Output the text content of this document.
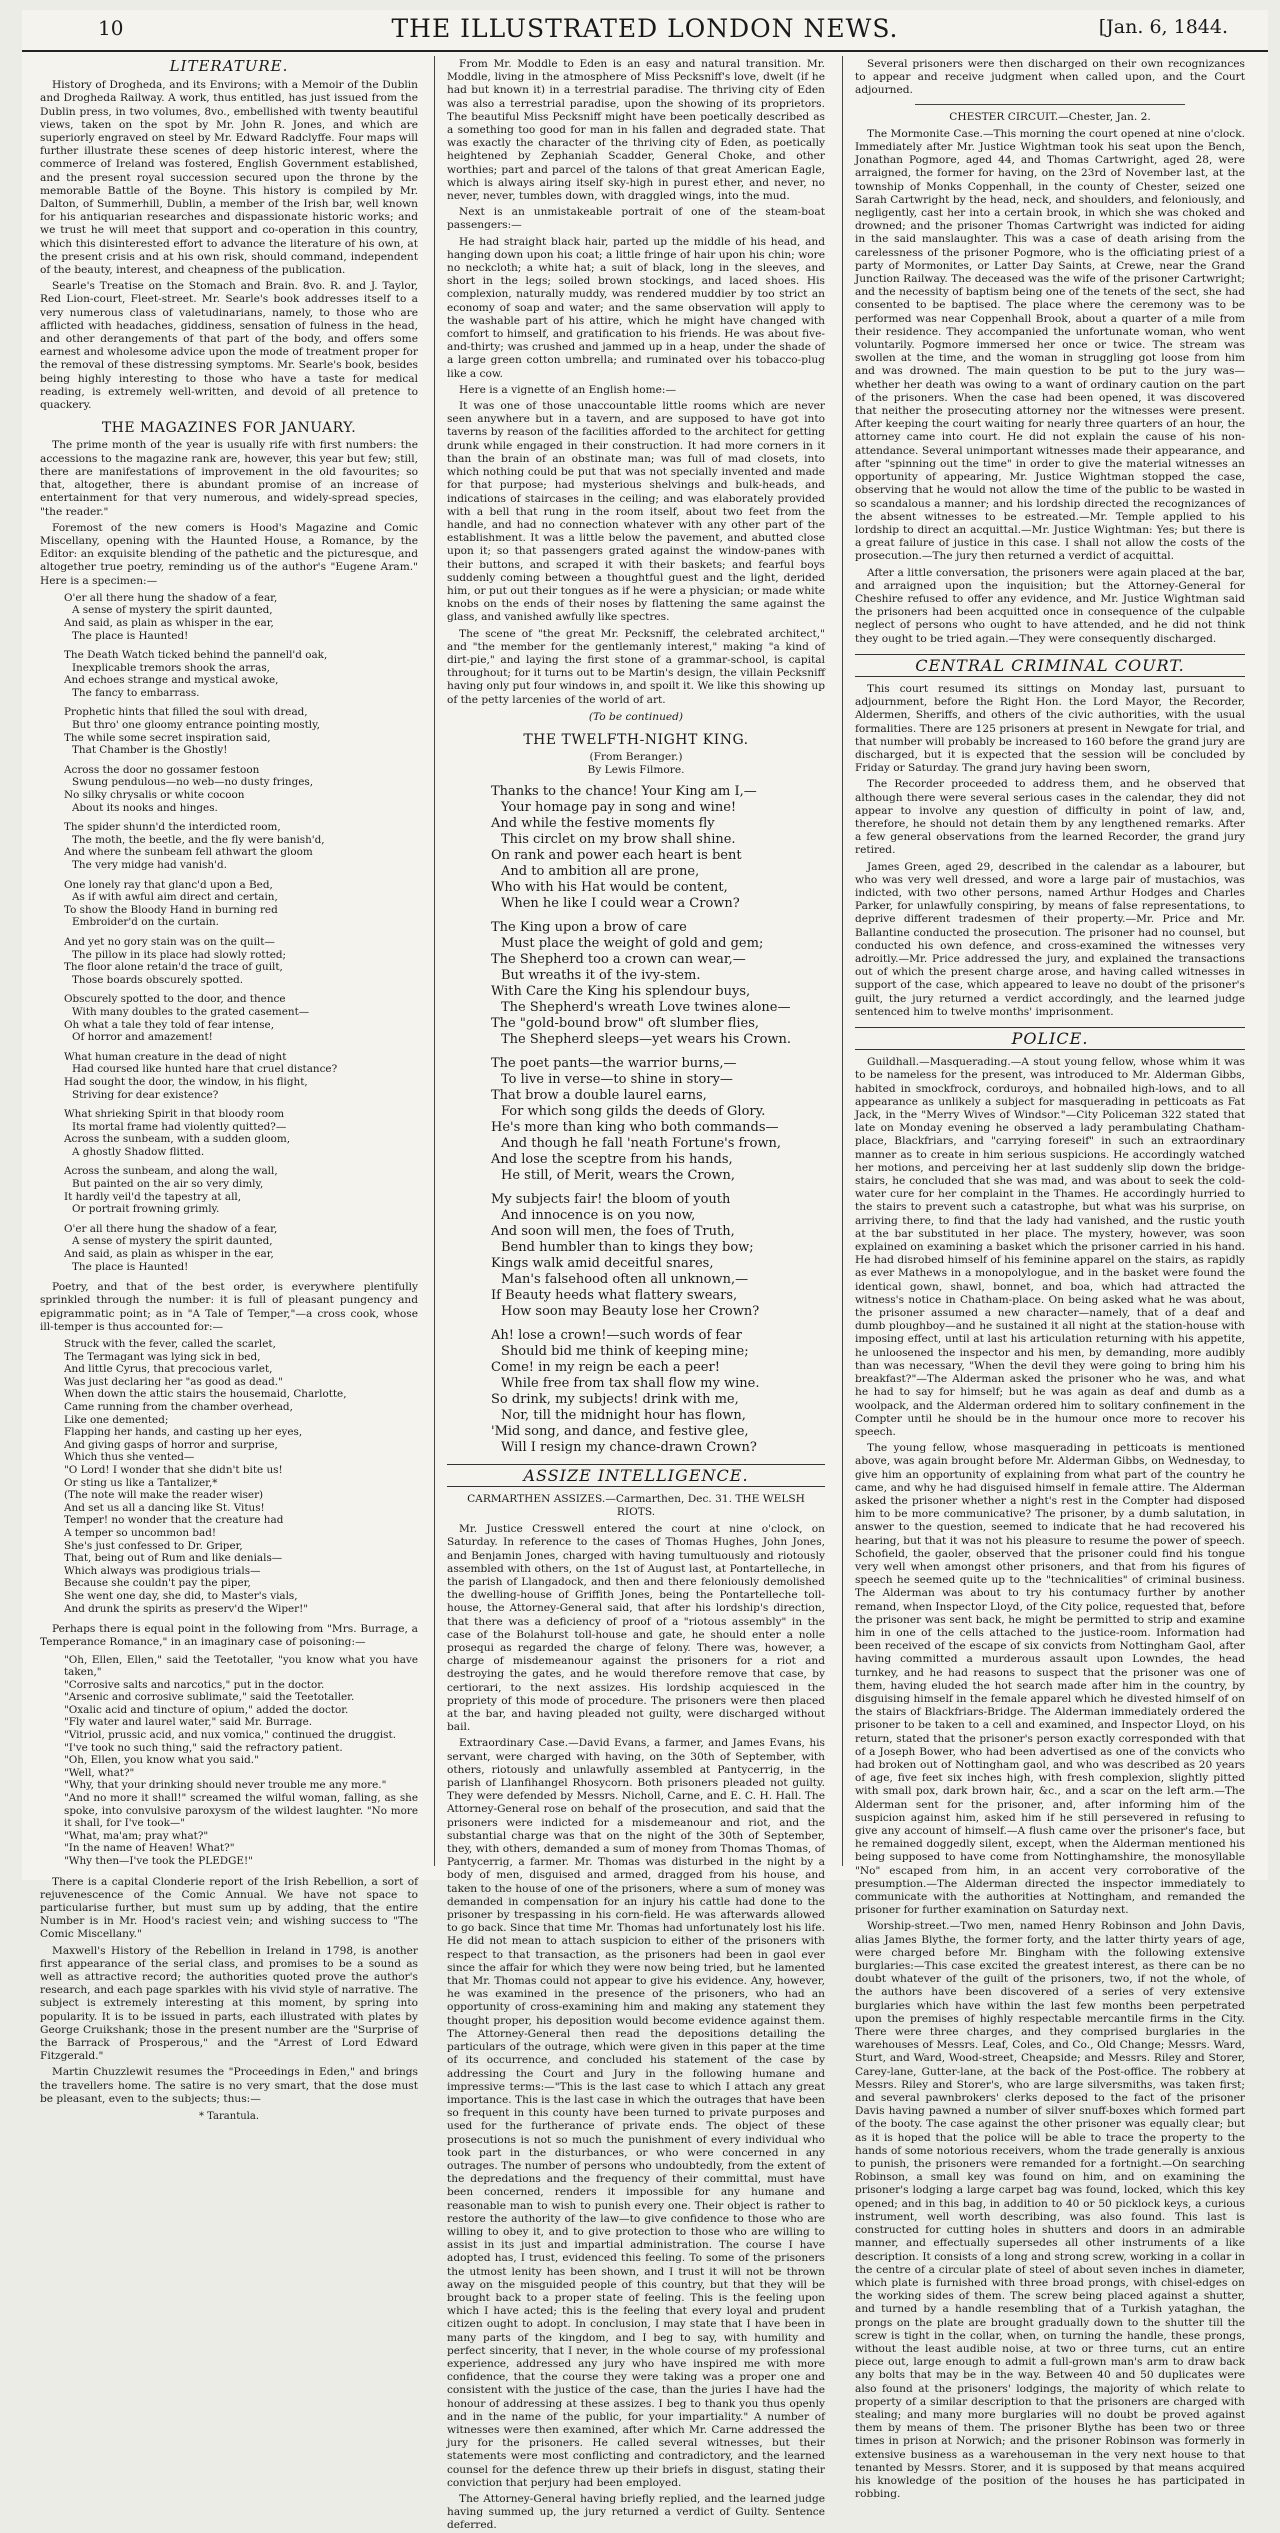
10	THE ILLUSTRATED LONDON NEWS.	[Jan. 6, 1844.
LITERATURE.

History of Drogheda, and its Environs; with a Memoir of the Dublin and Drogheda Railway. A work, thus entitled, has just issued from the Dublin press, in two volumes, 8vo., embellished with twenty beautiful views, taken on the spot by Mr. John R. Jones, and which are superiorly engraved on steel by Mr. Edward Radclyffe. Four maps will further illustrate these scenes of deep historic interest, where the commerce of Ireland was fostered, English Government established, and the present royal succession secured upon the throne by the memorable Battle of the Boyne. This history is compiled by Mr. Dalton, of Summerhill, Dublin, a member of the Irish bar, well known for his antiquarian researches and dispassionate historic works; and we trust he will meet that support and co-operation in this country, which this disinterested effort to advance the literature of his own, at the present crisis and at his own risk, should command, independent of the beauty, interest, and cheapness of the publication.

Searle's Treatise on the Stomach and Brain. 8vo. R. and J. Taylor, Red Lion-court, Fleet-street. Mr. Searle's book addresses itself to a very numerous class of valetudinarians, namely, to those who are afflicted with headaches, giddiness, sensation of fulness in the head, and other derangements of that part of the body, and offers some earnest and wholesome advice upon the mode of treatment proper for the removal of these distressing symptoms. Mr. Searle's book, besides being highly interesting to those who have a taste for medical reading, is extremely well-written, and devoid of all pretence to quackery.

THE MAGAZINES FOR JANUARY.

The prime month of the year is usually rife with first numbers: the accessions to the magazine rank are, however, this year but few; still, there are manifestations of improvement in the old favourites; so that, altogether, there is abundant promise of an increase of entertainment for that very numerous, and widely-spread species, "the reader."

Foremost of the new comers is Hood's Magazine and Comic Miscellany, opening with the Haunted House, a Romance, by the Editor: an exquisite blending of the pathetic and the picturesque, and altogether true poetry, reminding us of the author's "Eugene Aram." Here is a specimen:—

O'er all there hung the shadow of a fear,
A sense of mystery the spirit daunted,
And said, as plain as whisper in the ear,
The place is Haunted!
The Death Watch ticked behind the pannell'd oak,
Inexplicable tremors shook the arras,
And echoes strange and mystical awoke,
The fancy to embarrass.
Prophetic hints that filled the soul with dread,
But thro' one gloomy entrance pointing mostly,
The while some secret inspiration said,
That Chamber is the Ghostly!
Across the door no gossamer festoon
Swung pendulous—no web—no dusty fringes,
No silky chrysalis or white cocoon
About its nooks and hinges.
The spider shunn'd the interdicted room,
The moth, the beetle, and the fly were banish'd,
And where the sunbeam fell athwart the gloom
The very midge had vanish'd.
One lonely ray that glanc'd upon a Bed,
As if with awful aim direct and certain,
To show the Bloody Hand in burning red
Embroider'd on the curtain.
And yet no gory stain was on the quilt—
The pillow in its place had slowly rotted;
The floor alone retain'd the trace of guilt,
Those boards obscurely spotted.
Obscurely spotted to the door, and thence
With many doubles to the grated casement—
Oh what a tale they told of fear intense,
Of horror and amazement!
What human creature in the dead of night
Had coursed like hunted hare that cruel distance?
Had sought the door, the window, in his flight,
Striving for dear existence?
What shrieking Spirit in that bloody room
Its mortal frame had violently quitted?—
Across the sunbeam, with a sudden gloom,
A ghostly Shadow flitted.
Across the sunbeam, and along the wall,
But painted on the air so very dimly,
It hardly veil'd the tapestry at all,
Or portrait frowning grimly.
O'er all there hung the shadow of a fear,
A sense of mystery the spirit daunted,
And said, as plain as whisper in the ear,
The place is Haunted!

Poetry, and that of the best order, is everywhere plentifully sprinkled through the number: it is full of pleasant pungency and epigrammatic point; as in "A Tale of Temper,"—a cross cook, whose ill-temper is thus accounted for:—

Struck with the fever, called the scarlet,
The Termagant was lying sick in bed,
And little Cyrus, that precocious varlet,
Was just declaring her "as good as dead."
When down the attic stairs the housemaid, Charlotte,
Came running from the chamber overhead,
Like one demented;
Flapping her hands, and casting up her eyes,
And giving gasps of horror and surprise,
Which thus she vented—
"O Lord! I wonder that she didn't bite us!
Or sting us like a Tantalizer,*
(The note will make the reader wiser)
And set us all a dancing like St. Vitus!
Temper! no wonder that the creature had
A temper so uncommon bad!
She's just confessed to Dr. Griper,
That, being out of Rum and like denials—
Which always was prodigious trials—
Because she couldn't pay the piper,
She went one day, she did, to Master's vials,
And drunk the spirits as preserv'd the Wiper!"

Perhaps there is equal point in the following from "Mrs. Burrage, a Temperance Romance," in an imaginary case of poisoning:—

"Oh, Ellen, Ellen," said the Teetotaller, "you know what you have taken,"
"Corrosive salts and narcotics," put in the doctor.
"Arsenic and corrosive sublimate," said the Teetotaller.
"Oxalic acid and tincture of opium," added the doctor.
"Fly water and laurel water," said Mr. Burrage.
"Vitriol, prussic acid, and nux vomica," continued the druggist.
"I've took no such thing," said the refractory patient.
"Oh, Ellen, you know what you said."
"Well, what?"
"Why, that your drinking should never trouble me any more."
"And no more it shall!" screamed the wilful woman, falling, as she spoke, into convulsive paroxysm of the wildest laughter. "No more it shall, for I've took—"
"What, ma'am; pray what?"
"In the name of Heaven! What?"
"Why then—I've took the PLEDGE!"

There is a capital Clonderie report of the Irish Rebellion, a sort of rejuvenescence of the Comic Annual. We have not space to particularise further, but must sum up by adding, that the entire Number is in Mr. Hood's raciest vein; and wishing success to "The Comic Miscellany."

Maxwell's History of the Rebellion in Ireland in 1798, is another first appearance of the serial class, and promises to be a sound as well as attractive record; the authorities quoted prove the author's research, and each page sparkles with his vivid style of narrative. The subject is extremely interesting at this moment, by spring into popularity. It is to be issued in parts, each illustrated with plates by George Cruikshank; those in the present number are the "Surprise of the Barrack of Prosperous," and the "Arrest of Lord Edward Fitzgerald."

Martin Chuzzlewit resumes the "Proceedings in Eden," and brings the travellers home. The satire is no very smart, that the dose must be pleasant, even to the subjects; thus:—

* Tarantula.

From Mr. Moddle to Eden is an easy and natural transition. Mr. Moddle, living in the atmosphere of Miss Pecksniff's love, dwelt (if he had but known it) in a terrestrial paradise. The thriving city of Eden was also a terrestrial paradise, upon the showing of its proprietors. The beautiful Miss Pecksniff might have been poetically described as a something too good for man in his fallen and degraded state. That was exactly the character of the thriving city of Eden, as poetically heightened by Zephaniah Scadder, General Choke, and other worthies; part and parcel of the talons of that great American Eagle, which is always airing itself sky-high in purest ether, and never, no never, never, tumbles down, with draggled wings, into the mud.

Next is an unmistakeable portrait of one of the steam-boat passengers:—

He had straight black hair, parted up the middle of his head, and hanging down upon his coat; a little fringe of hair upon his chin; wore no neckcloth; a white hat; a suit of black, long in the sleeves, and short in the legs; soiled brown stockings, and laced shoes. His complexion, naturally muddy, was rendered muddier by too strict an economy of soap and water; and the same observation will apply to the washable part of his attire, which he might have changed with comfort to himself, and gratification to his friends. He was about five-and-thirty; was crushed and jammed up in a heap, under the shade of a large green cotton umbrella; and ruminated over his tobacco-plug like a cow.

Here is a vignette of an English home:—

It was one of those unaccountable little rooms which are never seen anywhere but in a tavern, and are supposed to have got into taverns by reason of the facilities afforded to the architect for getting drunk while engaged in their construction. It had more corners in it than the brain of an obstinate man; was full of mad closets, into which nothing could be put that was not specially invented and made for that purpose; had mysterious shelvings and bulk-heads, and indications of staircases in the ceiling; and was elaborately provided with a bell that rung in the room itself, about two feet from the handle, and had no connection whatever with any other part of the establishment. It was a little below the pavement, and abutted close upon it; so that passengers grated against the window-panes with their buttons, and scraped it with their baskets; and fearful boys suddenly coming between a thoughtful guest and the light, derided him, or put out their tongues as if he were a physician; or made white knobs on the ends of their noses by flattening the same against the glass, and vanished awfully like spectres.

The scene of "the great Mr. Pecksniff, the celebrated architect," and "the member for the gentlemanly interest," making "a kind of dirt-pie," and laying the first stone of a grammar-school, is capital throughout; for it turns out to be Martin's design, the villain Pecksniff having only put four windows in, and spoilt it. We like this showing up of the petty larcenies of the world of art.

(To be continued)
THE TWELFTH-NIGHT KING.
(From Beranger.)
By Lewis Filmore.
Thanks to the chance! Your King am I,—
Your homage pay in song and wine!
And while the festive moments fly
This circlet on my brow shall shine.
On rank and power each heart is bent
And to ambition all are prone,
Who with his Hat would be content,
When he like I could wear a Crown?
The King upon a brow of care
Must place the weight of gold and gem;
The Shepherd too a crown can wear,—
But wreaths it of the ivy-stem.
With Care the King his splendour buys,
The Shepherd's wreath Love twines alone—
The "gold-bound brow" oft slumber flies,
The Shepherd sleeps—yet wears his Crown.
The poet pants—the warrior burns,—
To live in verse—to shine in story—
That brow a double laurel earns,
For which song gilds the deeds of Glory.
He's more than king who both commands—
And though he fall 'neath Fortune's frown,
And lose the sceptre from his hands,
He still, of Merit, wears the Crown,
My subjects fair! the bloom of youth
And innocence is on you now,
And soon will men, the foes of Truth,
Bend humbler than to kings they bow;
Kings walk amid deceitful snares,
Man's falsehood often all unknown,—
If Beauty heeds what flattery swears,
How soon may Beauty lose her Crown?
Ah! lose a crown!—such words of fear
Should bid me think of keeping mine;
Come! in my reign be each a peer!
While free from tax shall flow my wine.
So drink, my subjects! drink with me,
Nor, till the midnight hour has flown,
'Mid song, and dance, and festive glee,
Will I resign my chance-drawn Crown?
ASSIZE INTELLIGENCE.
CARMARTHEN ASSIZES.—Carmarthen, Dec. 31. THE WELSH RIOTS.

Mr. Justice Cresswell entered the court at nine o'clock, on Saturday. In reference to the cases of Thomas Hughes, John Jones, and Benjamin Jones, charged with having tumultuously and riotously assembled with others, on the 1st of August last, at Pontartelleche, in the parish of Llangadock, and then and there feloniously demolished the dwelling-house of Griffith Jones, being the Pontartelleche toll-house, the Attorney-General said, that after his lordship's direction, that there was a deficiency of proof of a "riotous assembly" in the case of the Bolahurst toll-house and gate, he should enter a nolle prosequi as regarded the charge of felony. There was, however, a charge of misdemeanour against the prisoners for a riot and destroying the gates, and he would therefore remove that case, by certiorari, to the next assizes. His lordship acquiesced in the propriety of this mode of procedure. The prisoners were then placed at the bar, and having pleaded not guilty, were discharged without bail.

Extraordinary Case.—David Evans, a farmer, and James Evans, his servant, were charged with having, on the 30th of September, with others, riotously and unlawfully assembled at Pantycerrig, in the parish of Llanfihangel Rhosycorn. Both prisoners pleaded not guilty. They were defended by Messrs. Nicholl, Carne, and E. C. H. Hall. The Attorney-General rose on behalf of the prosecution, and said that the prisoners were indicted for a misdemeanour and riot, and the substantial charge was that on the night of the 30th of September, they, with others, demanded a sum of money from Thomas Thomas, of Pantycerrig, a farmer. Mr. Thomas was disturbed in the night by a body of men, disguised and armed, dragged from his house, and taken to the house of one of the prisoners, where a sum of money was demanded in compensation for an injury his cattle had done to the prisoner by trespassing in his corn-field. He was afterwards allowed to go back. Since that time Mr. Thomas had unfortunately lost his life. He did not mean to attach suspicion to either of the prisoners with respect to that transaction, as the prisoners had been in gaol ever since the affair for which they were now being tried, but he lamented that Mr. Thomas could not appear to give his evidence. Any, however, he was examined in the presence of the prisoners, who had an opportunity of cross-examining him and making any statement they thought proper, his deposition would become evidence against them. The Attorney-General then read the depositions detailing the particulars of the outrage, which were given in this paper at the time of its occurrence, and concluded his statement of the case by addressing the Court and Jury in the following humane and impressive terms:—"This is the last case to which I attach any great importance. This is the last case in which the outrages that have been so frequent in this county have been turned to private purposes and used for the furtherance of private ends. The object of these prosecutions is not so much the punishment of every individual who took part in the disturbances, or who were concerned in any outrages. The number of persons who undoubtedly, from the extent of the depredations and the frequency of their committal, must have been concerned, renders it impossible for any humane and reasonable man to wish to punish every one. Their object is rather to restore the authority of the law—to give confidence to those who are willing to obey it, and to give protection to those who are willing to assist in its just and impartial administration. The course I have adopted has, I trust, evidenced this feeling. To some of the prisoners the utmost lenity has been shown, and I trust it will not be thrown away on the misguided people of this country, but that they will be brought back to a proper state of feeling. This is the feeling upon which I have acted; this is the feeling that every loyal and prudent citizen ought to adopt. In conclusion, I may state that I have been in many parts of the kingdom, and I beg to say, with humility and perfect sincerity, that I never, in the whole course of my professional experience, addressed any jury who have inspired me with more confidence, that the course they were taking was a proper one and consistent with the justice of the case, than the juries I have had the honour of addressing at these assizes. I beg to thank you thus openly and in the name of the public, for your impartiality." A number of witnesses were then examined, after which Mr. Carne addressed the jury for the prisoners. He called several witnesses, but their statements were most conflicting and contradictory, and the learned counsel for the defence threw up their briefs in disgust, stating their conviction that perjury had been employed.

The Attorney-General having briefly replied, and the learned judge having summed up, the jury returned a verdict of Guilty. Sentence deferred.

Several prisoners were then discharged on their own recognizances to appear and receive judgment when called upon, and the Court adjourned.

CHESTER CIRCUIT.—Chester, Jan. 2.

The Mormonite Case.—This morning the court opened at nine o'clock. Immediately after Mr. Justice Wightman took his seat upon the Bench, Jonathan Pogmore, aged 44, and Thomas Cartwright, aged 28, were arraigned, the former for having, on the 23rd of November last, at the township of Monks Coppenhall, in the county of Chester, seized one Sarah Cartwright by the head, neck, and shoulders, and feloniously, and negligently, cast her into a certain brook, in which she was choked and drowned; and the prisoner Thomas Cartwright was indicted for aiding in the said manslaughter. This was a case of death arising from the carelessness of the prisoner Pogmore, who is the officiating priest of a party of Mormonites, or Latter Day Saints, at Crewe, near the Grand Junction Railway. The deceased was the wife of the prisoner Cartwright; and the necessity of baptism being one of the tenets of the sect, she had consented to be baptised. The place where the ceremony was to be performed was near Coppenhall Brook, about a quarter of a mile from their residence. They accompanied the unfortunate woman, who went voluntarily. Pogmore immersed her once or twice. The stream was swollen at the time, and the woman in struggling got loose from him and was drowned. The main question to be put to the jury was—whether her death was owing to a want of ordinary caution on the part of the prisoners. When the case had been opened, it was discovered that neither the prosecuting attorney nor the witnesses were present. After keeping the court waiting for nearly three quarters of an hour, the attorney came into court. He did not explain the cause of his non-attendance. Several unimportant witnesses made their appearance, and after "spinning out the time" in order to give the material witnesses an opportunity of appearing, Mr. Justice Wightman stopped the case, observing that he would not allow the time of the public to be wasted in so scandalous a manner; and his lordship directed the recognizances of the absent witnesses to be estreated.—Mr. Temple applied to his lordship to direct an acquittal.—Mr. Justice Wightman: Yes; but there is a great failure of justice in this case. I shall not allow the costs of the prosecution.—The jury then returned a verdict of acquittal.

After a little conversation, the prisoners were again placed at the bar, and arraigned upon the inquisition; but the Attorney-General for Cheshire refused to offer any evidence, and Mr. Justice Wightman said the prisoners had been acquitted once in consequence of the culpable neglect of persons who ought to have attended, and he did not think they ought to be tried again.—They were consequently discharged.

CENTRAL CRIMINAL COURT.

This court resumed its sittings on Monday last, pursuant to adjournment, before the Right Hon. the Lord Mayor, the Recorder, Aldermen, Sheriffs, and others of the civic authorities, with the usual formalities. There are 125 prisoners at present in Newgate for trial, and that number will probably be increased to 160 before the grand jury are discharged, but it is expected that the session will be concluded by Friday or Saturday. The grand jury having been sworn,

The Recorder proceeded to address them, and he observed that although there were several serious cases in the calendar, they did not appear to involve any question of difficulty in point of law, and, therefore, he should not detain them by any lengthened remarks. After a few general observations from the learned Recorder, the grand jury retired.

James Green, aged 29, described in the calendar as a labourer, but who was very well dressed, and wore a large pair of mustachios, was indicted, with two other persons, named Arthur Hodges and Charles Parker, for unlawfully conspiring, by means of false representations, to deprive different tradesmen of their property.—Mr. Price and Mr. Ballantine conducted the prosecution. The prisoner had no counsel, but conducted his own defence, and cross-examined the witnesses very adroitly.—Mr. Price addressed the jury, and explained the transactions out of which the present charge arose, and having called witnesses in support of the case, which appeared to leave no doubt of the prisoner's guilt, the jury returned a verdict accordingly, and the learned judge sentenced him to twelve months' imprisonment.

POLICE.

Guildhall.—Masquerading.—A stout young fellow, whose whim it was to be nameless for the present, was introduced to Mr. Alderman Gibbs, habited in smockfrock, corduroys, and hobnailed high-lows, and to all appearance as unlikely a subject for masquerading in petticoats as Fat Jack, in the "Merry Wives of Windsor."—City Policeman 322 stated that late on Monday evening he observed a lady perambulating Chatham-place, Blackfriars, and "carrying foreseif" in such an extraordinary manner as to create in him serious suspicions. He accordingly watched her motions, and perceiving her at last suddenly slip down the bridge-stairs, he concluded that she was mad, and was about to seek the cold-water cure for her complaint in the Thames. He accordingly hurried to the stairs to prevent such a catastrophe, but what was his surprise, on arriving there, to find that the lady had vanished, and the rustic youth at the bar substituted in her place. The mystery, however, was soon explained on examining a basket which the prisoner carried in his hand. He had disrobed himself of his feminine apparel on the stairs, as rapidly as ever Mathews in a monopolylogue, and in the basket were found the identical gown, shawl, bonnet, and boa, which had attracted the witness's notice in Chatham-place. On being asked what he was about, the prisoner assumed a new character—namely, that of a deaf and dumb ploughboy—and he sustained it all night at the station-house with imposing effect, until at last his articulation returning with his appetite, he unloosened the inspector and his men, by demanding, more audibly than was necessary, "When the devil they were going to bring him his breakfast?"—The Alderman asked the prisoner who he was, and what he had to say for himself; but he was again as deaf and dumb as a woolpack, and the Alderman ordered him to solitary confinement in the Compter until he should be in the humour once more to recover his speech.

The young fellow, whose masquerading in petticoats is mentioned above, was again brought before Mr. Alderman Gibbs, on Wednesday, to give him an opportunity of explaining from what part of the country he came, and why he had disguised himself in female attire. The Alderman asked the prisoner whether a night's rest in the Compter had disposed him to be more communicative? The prisoner, by a dumb salutation, in answer to the question, seemed to indicate that he had recovered his hearing, but that it was not his pleasure to resume the power of speech. Schofield, the gaoler, observed that the prisoner could find his tongue very well when amongst other prisoners, and that from his figures of speech he seemed quite up to the "technicalities" of criminal business. The Alderman was about to try his contumacy further by another remand, when Inspector Lloyd, of the City police, requested that, before the prisoner was sent back, he might be permitted to strip and examine him in one of the cells attached to the justice-room. Information had been received of the escape of six convicts from Nottingham Gaol, after having committed a murderous assault upon Lowndes, the head turnkey, and he had reasons to suspect that the prisoner was one of them, having eluded the hot search made after him in the country, by disguising himself in the female apparel which he divested himself of on the stairs of Blackfriars-Bridge. The Alderman immediately ordered the prisoner to be taken to a cell and examined, and Inspector Lloyd, on his return, stated that the prisoner's person exactly corresponded with that of a Joseph Bower, who had been advertised as one of the convicts who had broken out of Nottingham gaol, and who was described as 20 years of age, five feet six inches high, with fresh complexion, slightly pitted with small pox, dark brown hair, &c., and a scar on the left arm.—The Alderman sent for the prisoner, and, after informing him of the suspicion against him, asked him if he still persevered in refusing to give any account of himself.—A flush came over the prisoner's face, but he remained doggedly silent, except, when the Alderman mentioned his being supposed to have come from Nottinghamshire, the monosyllable "No" escaped from him, in an accent very corroborative of the presumption.—The Alderman directed the inspector immediately to communicate with the authorities at Nottingham, and remanded the prisoner for further examination on Saturday next.

Worship-street.—Two men, named Henry Robinson and John Davis, alias James Blythe, the former forty, and the latter thirty years of age, were charged before Mr. Bingham with the following extensive burglaries:—This case excited the greatest interest, as there can be no doubt whatever of the guilt of the prisoners, two, if not the whole, of the authors have been discovered of a series of very extensive burglaries which have within the last few months been perpetrated upon the premises of highly respectable mercantile firms in the City. There were three charges, and they comprised burglaries in the warehouses of Messrs. Leaf, Coles, and Co., Old Change; Messrs. Ward, Sturt, and Ward, Wood-street, Cheapside; and Messrs. Riley and Storer, Carey-lane, Gutter-lane, at the back of the Post-office. The robbery at Messrs. Riley and Storer's, who are large silversmiths, was taken first; and several pawnbrokers' clerks deposed to the fact of the prisoner Davis having pawned a number of silver snuff-boxes which formed part of the booty. The case against the other prisoner was equally clear; but as it is hoped that the police will be able to trace the property to the hands of some notorious receivers, whom the trade generally is anxious to punish, the prisoners were remanded for a fortnight.—On searching Robinson, a small key was found on him, and on examining the prisoner's lodging a large carpet bag was found, locked, which this key opened; and in this bag, in addition to 40 or 50 picklock keys, a curious instrument, well worth describing, was also found. This last is constructed for cutting holes in shutters and doors in an admirable manner, and effectually supersedes all other instruments of a like description. It consists of a long and strong screw, working in a collar in the centre of a circular plate of steel of about seven inches in diameter, which plate is furnished with three broad prongs, with chisel-edges on the working sides of them. The screw being placed against a shutter, and turned by a handle resembling that of a Turkish yataghan, the prongs on the plate are brought gradually down to the shutter till the screw is tight in the collar, when, on turning the handle, these prongs, without the least audible noise, at two or three turns, cut an entire piece out, large enough to admit a full-grown man's arm to draw back any bolts that may be in the way. Between 40 and 50 duplicates were also found at the prisoners' lodgings, the majority of which relate to property of a similar description to that the prisoners are charged with stealing; and many more burglaries will no doubt be proved against them by means of them. The prisoner Blythe has been two or three times in prison at Norwich; and the prisoner Robinson was formerly in extensive business as a warehouseman in the very next house to that tenanted by Messrs. Storer, and it is supposed by that means acquired his knowledge of the position of the houses he has participated in robbing.
